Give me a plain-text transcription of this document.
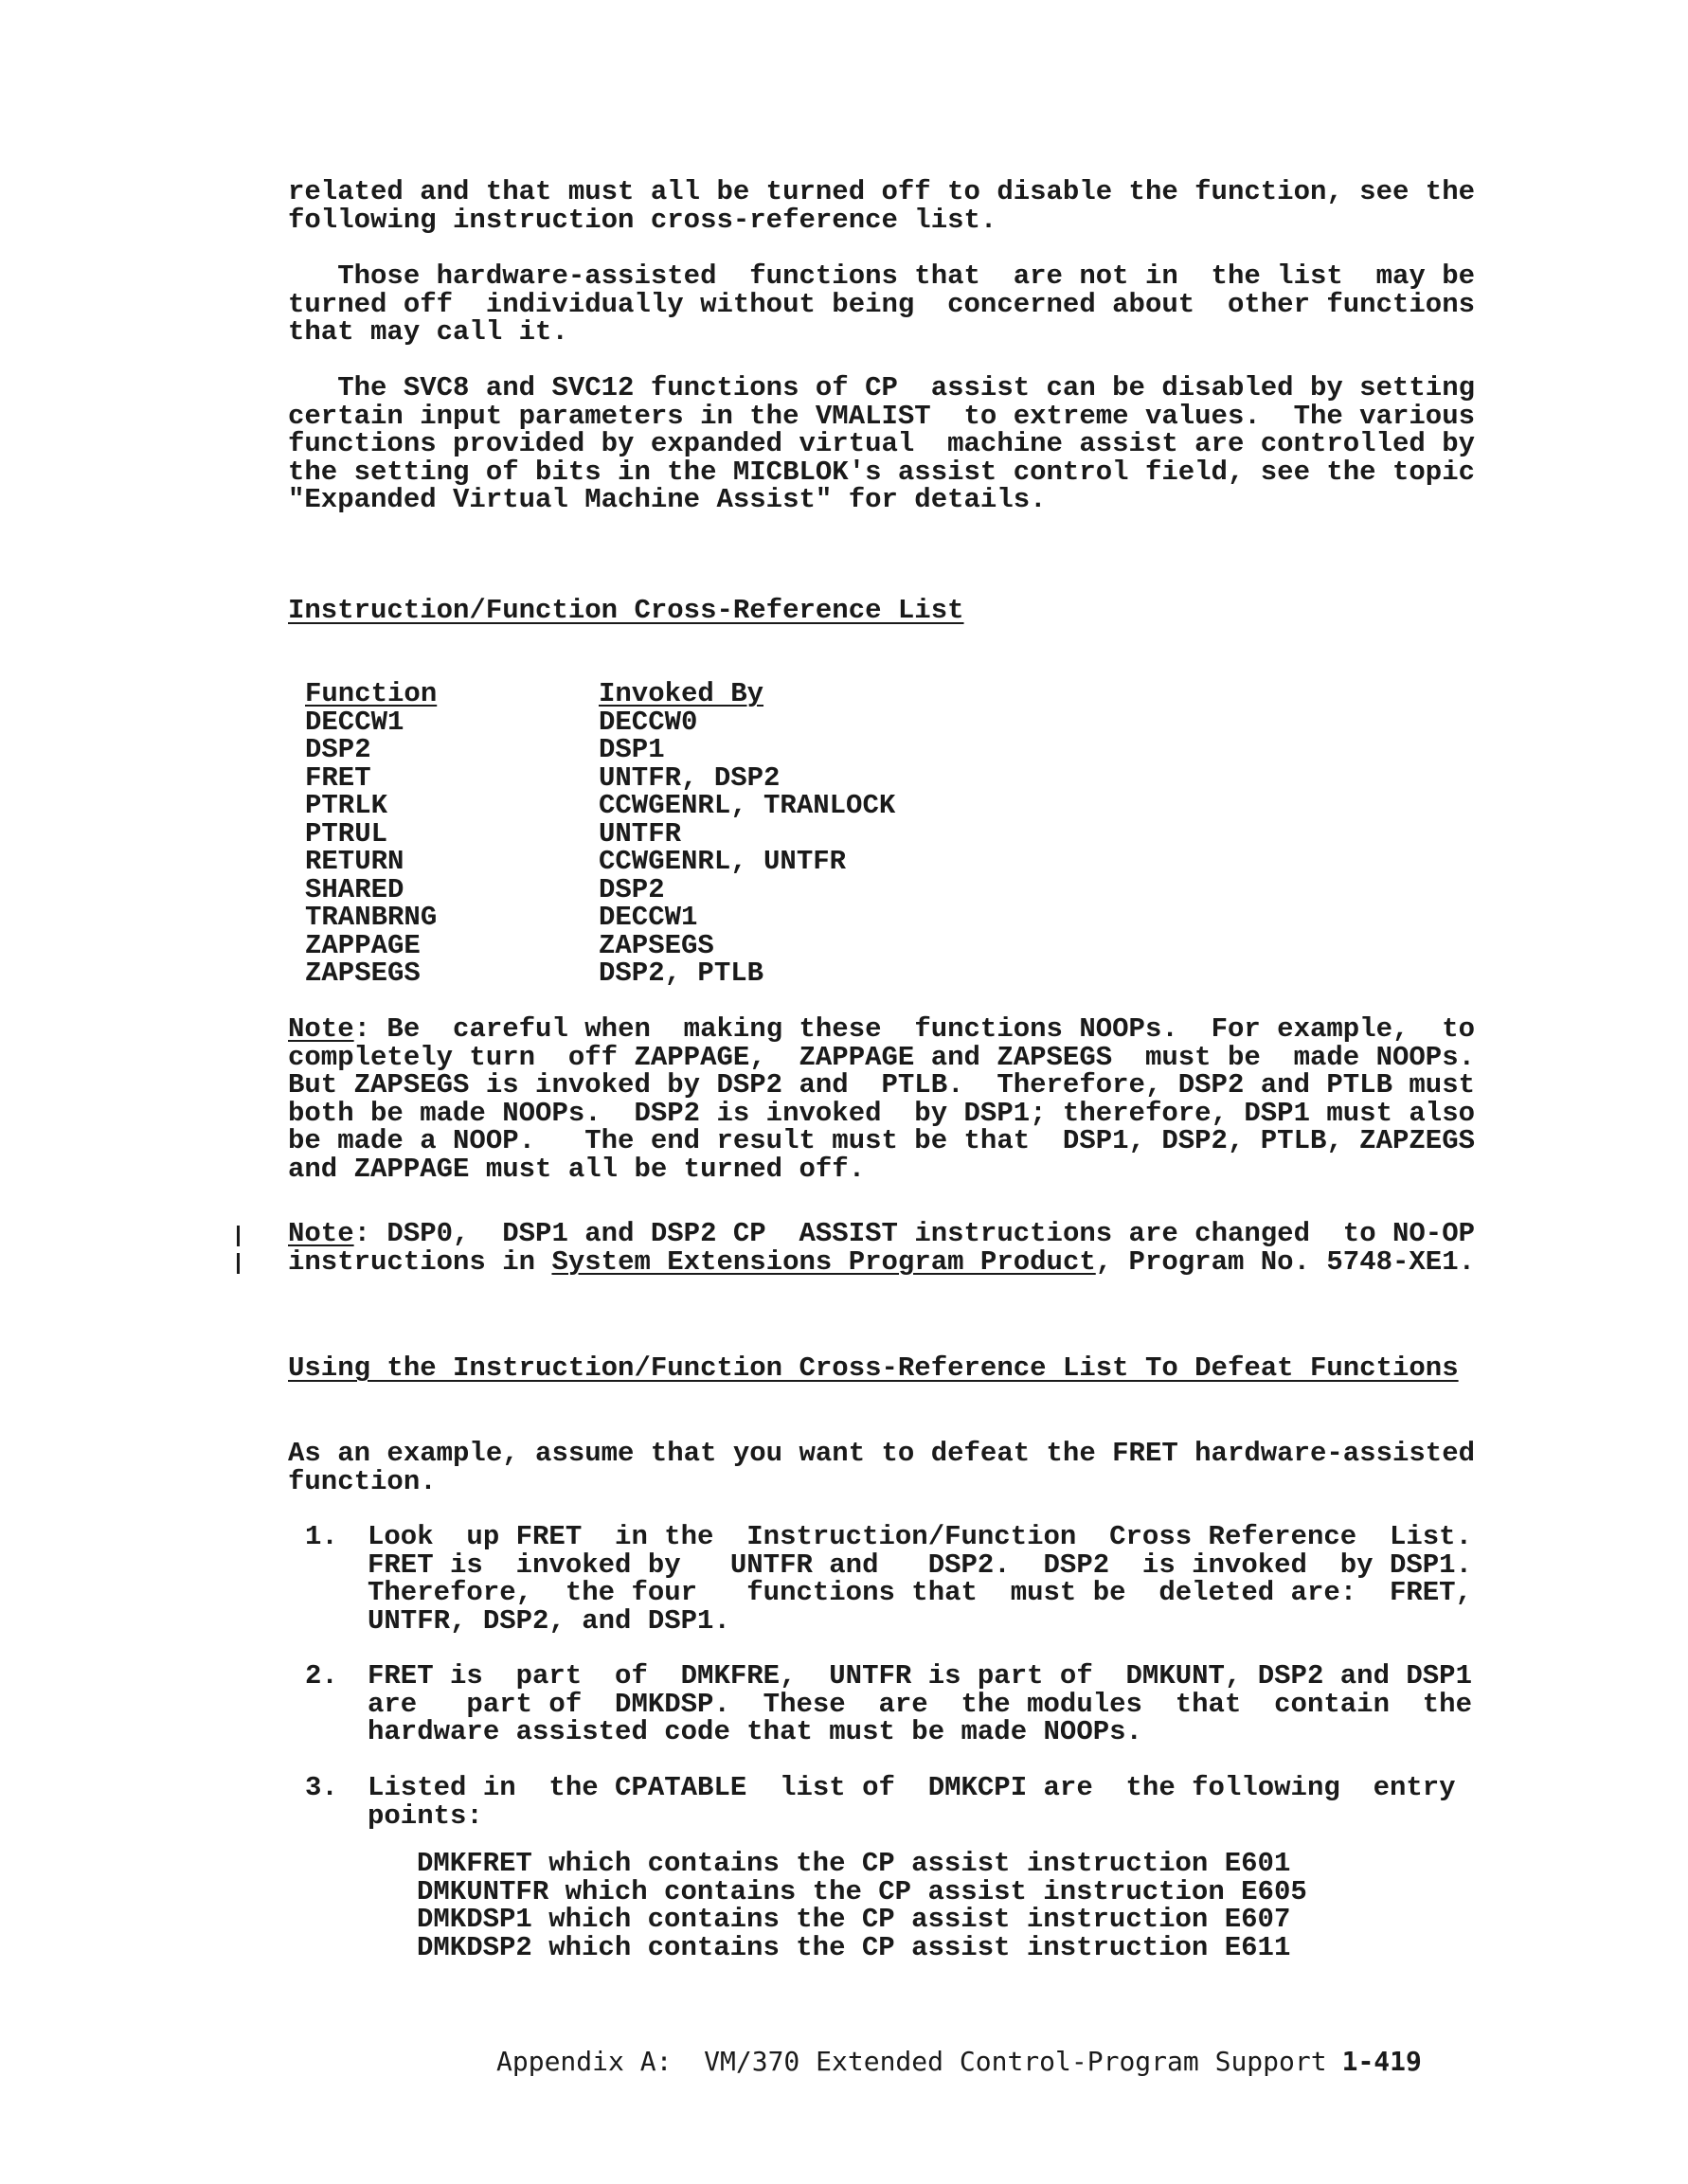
related and that must all be turned off to disable the function, see the
following instruction cross-reference list.
Those hardware-assisted  functions that  are not in  the list  may be
turned off  individually without being  concerned about  other functions
that may call it.
The SVC8 and SVC12 functions of CP  assist can be disabled by setting
certain input parameters in the VMALIST  to extreme values.  The various
functions provided by expanded virtual  machine assist are controlled by
the setting of bits in the MICBLOK's assist control field, see the topic
"Expanded Virtual Machine Assist" for details.
Instruction/Function Cross-Reference List
Function	Invoked By
DECCW1	DECCW0
DSP2	DSP1
FRET	UNTFR, DSP2
PTRLK	CCWGENRL, TRANLOCK
PTRUL	UNTFR
RETURN	CCWGENRL, UNTFR
SHARED	DSP2
TRANBRNG	DECCW1
ZAPPAGE	ZAPSEGS
ZAPSEGS	DSP2, PTLB
Note: Be  careful when  making these  functions NOOPs.  For example,  to
completely turn  off ZAPPAGE,  ZAPPAGE and ZAPSEGS  must be  made NOOPs.
But ZAPSEGS is invoked by DSP2 and  PTLB.  Therefore, DSP2 and PTLB must
both be made NOOPs.  DSP2 is invoked  by DSP1; therefore, DSP1 must also
be made a NOOP.   The end result must be that  DSP1, DSP2, PTLB, ZAPZEGS
and ZAPPAGE must all be turned off.
Note: DSP0,  DSP1 and DSP2 CP  ASSIST instructions are changed  to NO-OP
instructions in System Extensions Program Product, Program No. 5748-XE1.
Using the Instruction/Function Cross-Reference List To Defeat Functions
As an example, assume that you want to defeat the FRET hardware-assisted
function.
1. Look  up FRET  in the  Instruction/Function  Cross Reference  List.
FRET is  invoked by   UNTFR and   DSP2.  DSP2  is invoked  by DSP1.
Therefore,  the four   functions that  must be  deleted are:  FRET,
UNTFR, DSP2, and DSP1.
2. FRET is  part  of  DMKFRE,  UNTFR is part of  DMKUNT, DSP2 and DSP1
are   part of  DMKDSP.  These  are  the modules  that  contain  the
hardware assisted code that must be made NOOPs.
3. Listed in  the CPATABLE  list of  DMKCPI are  the following  entry
points:
DMKFRET which contains the CP assist instruction E601
DMKUNTFR which contains the CP assist instruction E605
DMKDSP1 which contains the CP assist instruction E607
DMKDSP2 which contains the CP assist instruction E611
Appendix A:  VM/370 Extended Control-Program Support 1-419
